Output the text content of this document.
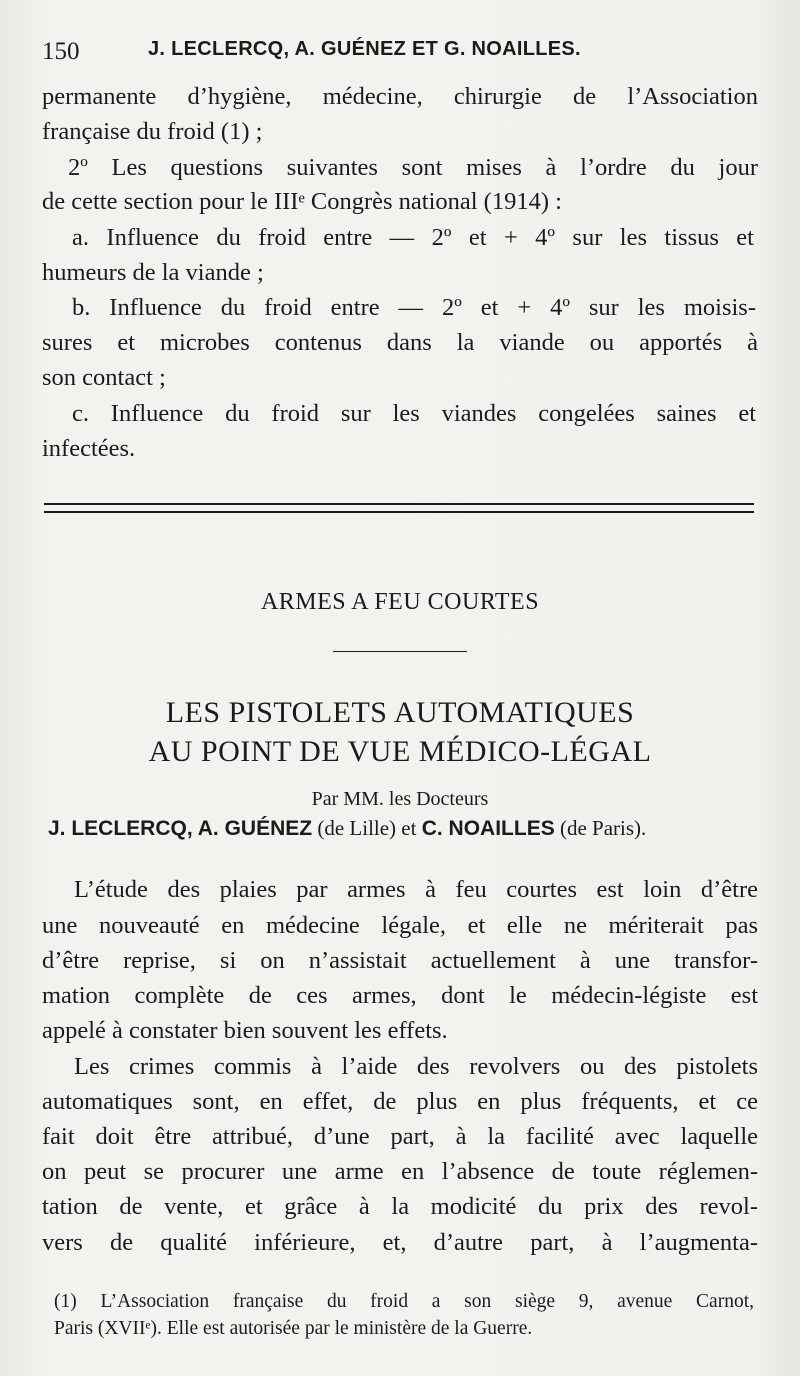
150	J. LECLERCQ, A. GUÉNEZ ET G. NOAILLES.
permanente d’hygiène, médecine, chirurgie de l’Association
française du froid (1) ;
2º Les questions suivantes sont mises à l’ordre du jour
de cette section pour le IIIᵉ Congrès national (1914) :
a. Influence du froid entre — 2º et + 4º sur les tissus et
humeurs de la viande ;
b. Influence du froid entre — 2º et + 4º sur les moisis-
sures et microbes contenus dans la viande ou apportés à
son contact ;
c. Influence du froid sur les viandes congelées saines et
infectées.
ARMES A FEU COURTES
LES PISTOLETS AUTOMATIQUES
AU POINT DE VUE MÉDICO-LÉGAL
Par MM. les Docteurs
J. LECLERCQ, A. GUÉNEZ (de Lille) et C. NOAILLES (de Paris).
L’étude des plaies par armes à feu courtes est loin d’être
une nouveauté en médecine légale, et elle ne mériterait pas
d’être reprise, si on n’assistait actuellement à une transfor-
mation complète de ces armes, dont le médecin-légiste est
appelé à constater bien souvent les effets.
Les crimes commis à l’aide des revolvers ou des pistolets
automatiques sont, en effet, de plus en plus fréquents, et ce
fait doit être attribué, d’une part, à la facilité avec laquelle
on peut se procurer une arme en l’absence de toute réglemen-
tation de vente, et grâce à la modicité du prix des revol-
vers de qualité inférieure, et, d’autre part, à l’augmenta-
(1) L’Association française du froid a son siège 9, avenue Carnot,
Paris (XVIIᵉ). Elle est autorisée par le ministère de la Guerre.
